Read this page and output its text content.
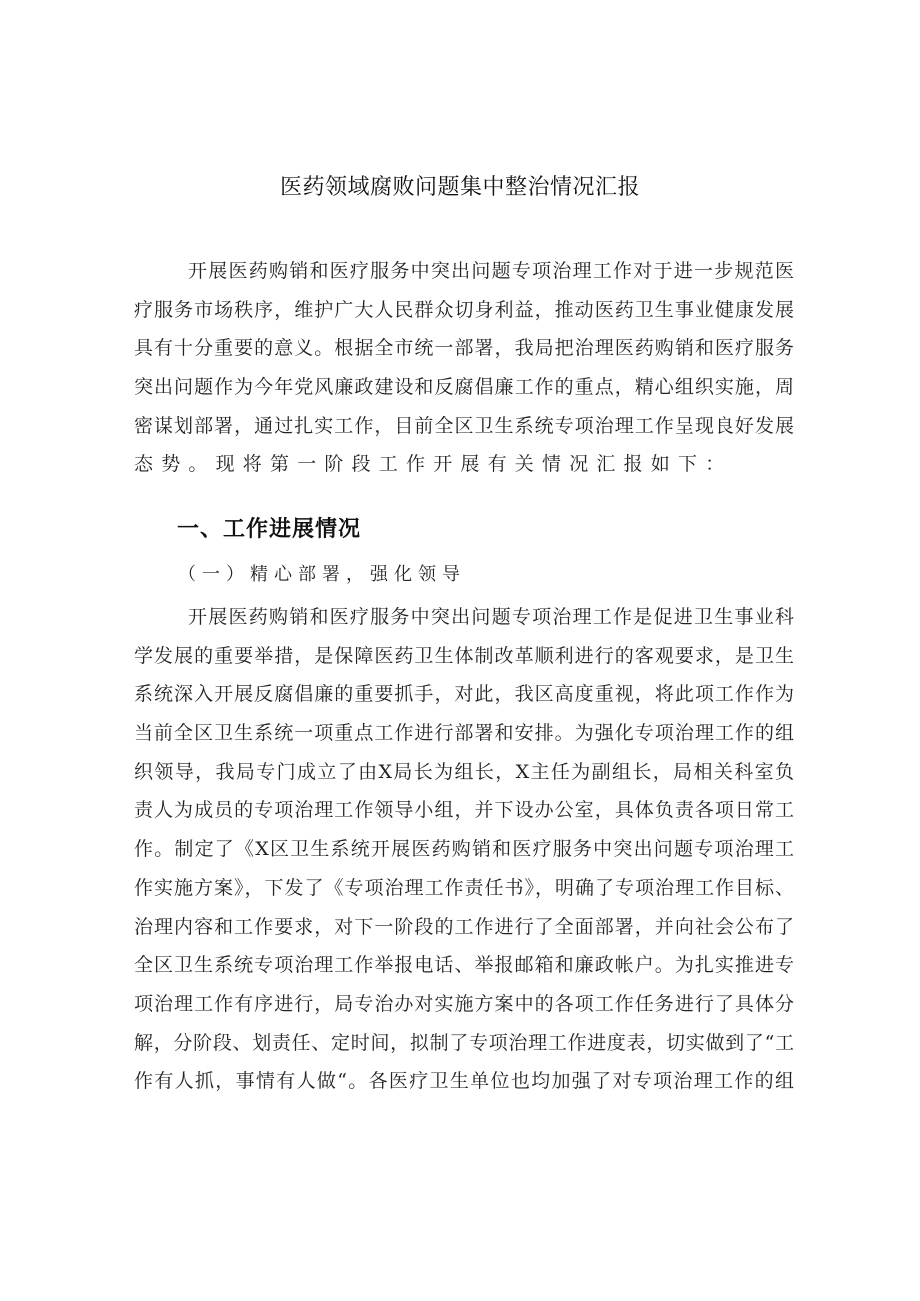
医药领域腐败问题集中整治情况汇报
开展医药购销和医疗服务中突出问题专项治理工作对于进一步规范医
疗服务市场秩序，维护广大人民群众切身利益，推动医药卫生事业健康发展
具有十分重要的意义。根据全市统一部署，我局把治理医药购销和医疗服务
突出问题作为今年党风廉政建设和反腐倡廉工作的重点，精心组织实施，周
密谋划部署，通过扎实工作，目前全区卫生系统专项治理工作呈现良好发展
态势。现将第一阶段工作开展有关情况汇报如下：
一、工作进展情况
（一）精心部署，强化领导
开展医药购销和医疗服务中突出问题专项治理工作是促进卫生事业科
学发展的重要举措，是保障医药卫生体制改革顺利进行的客观要求，是卫生
系统深入开展反腐倡廉的重要抓手，对此，我区高度重视，将此项工作作为
当前全区卫生系统一项重点工作进行部署和安排。为强化专项治理工作的组
织领导，我局专门成立了由X局长为组长，X主任为副组长，局相关科室负
责人为成员的专项治理工作领导小组，并下设办公室，具体负责各项日常工
作。制定了《X区卫生系统开展医药购销和医疗服务中突出问题专项治理工
作实施方案》，下发了《专项治理工作责任书》，明确了专项治理工作目标、
治理内容和工作要求，对下一阶段的工作进行了全面部署，并向社会公布了
全区卫生系统专项治理工作举报电话、举报邮箱和廉政帐户。为扎实推进专
项治理工作有序进行，局专治办对实施方案中的各项工作任务进行了具体分
解，分阶段、划责任、定时间，拟制了专项治理工作进度表，切实做到了“工
作有人抓，事情有人做“。各医疗卫生单位也均加强了对专项治理工作的组
